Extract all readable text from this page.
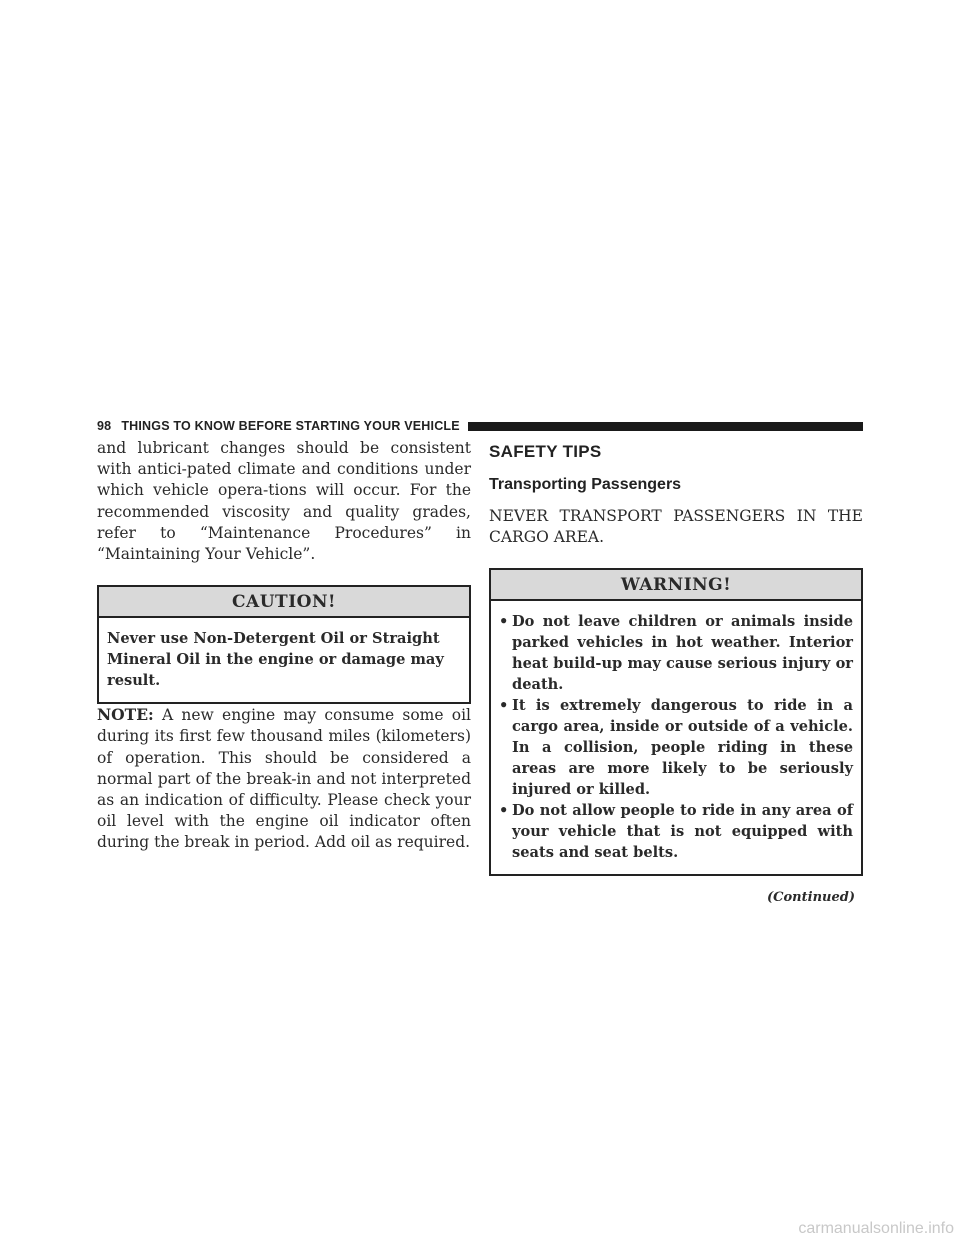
98 THINGS TO KNOW BEFORE STARTING YOUR VEHICLE

and lubricant changes should be consistent with antici-pated climate and conditions under which vehicle opera-tions will occur. For the recommended viscosity and quality grades, refer to “Maintenance Procedures” in “Maintaining Your Vehicle”.

CAUTION!
Never use Non-Detergent Oil or Straight Mineral Oil in the engine or damage may result.

NOTE: A new engine may consume some oil during its first few thousand miles (kilometers) of operation. This should be considered a normal part of the break-in and not interpreted as an indication of difficulty. Please check your oil level with the engine oil indicator often during the break in period. Add oil as required.

SAFETY TIPS
Transporting Passengers

NEVER TRANSPORT PASSENGERS IN THE CARGO AREA.

WARNING!
• Do not leave children or animals inside parked vehicles in hot weather. Interior heat build-up may cause serious injury or death.
• It is extremely dangerous to ride in a cargo area, inside or outside of a vehicle. In a collision, people riding in these areas are more likely to be seriously injured or killed.
• Do not allow people to ride in any area of your vehicle that is not equipped with seats and seat belts.
(Continued)
carmanualsonline.info
